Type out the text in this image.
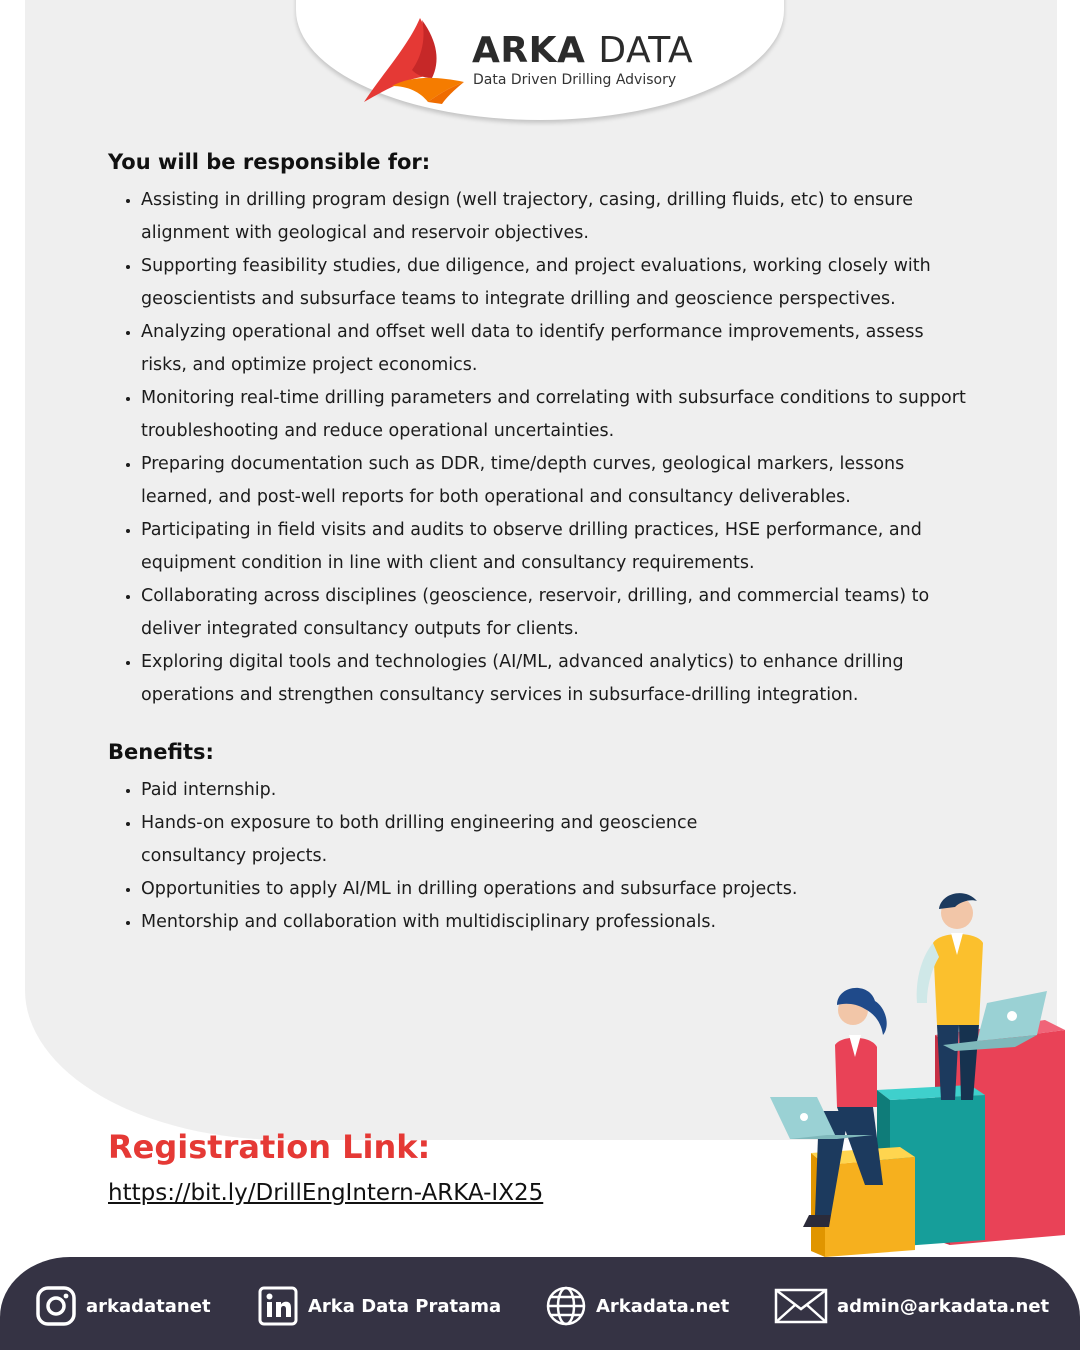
ARKA DATA
Data Driven Drilling Advisory
You will be responsible for:
• Assisting in drilling program design (well trajectory, casing, drilling fluids, etc) to ensure alignment with geological and reservoir objectives.
• Supporting feasibility studies, due diligence, and project evaluations, working closely with geoscientists and subsurface teams to integrate drilling and geoscience perspectives.
• Analyzing operational and offset well data to identify performance improvements, assess risks, and optimize project economics.
• Monitoring real-time drilling parameters and correlating with subsurface conditions to support troubleshooting and reduce operational uncertainties.
• Preparing documentation such as DDR, time/depth curves, geological markers, lessons learned, and post-well reports for both operational and consultancy deliverables.
• Participating in field visits and audits to observe drilling practices, HSE performance, and equipment condition in line with client and consultancy requirements.
• Collaborating across disciplines (geoscience, reservoir, drilling, and commercial teams) to deliver integrated consultancy outputs for clients.
• Exploring digital tools and technologies (AI/ML, advanced analytics) to enhance drilling operations and strengthen consultancy services in subsurface-drilling integration.
Benefits:
• Paid internship.
• Hands-on exposure to both drilling engineering and geoscience consultancy projects.
• Opportunities to apply AI/ML in drilling operations and subsurface projects.
• Mentorship and collaboration with multidisciplinary professionals.
Registration Link:
https://bit.ly/DrillEngIntern-ARKA-IX25
arkadatanet	Arka Data Pratama	Arkadata.net	admin@arkadata.net
